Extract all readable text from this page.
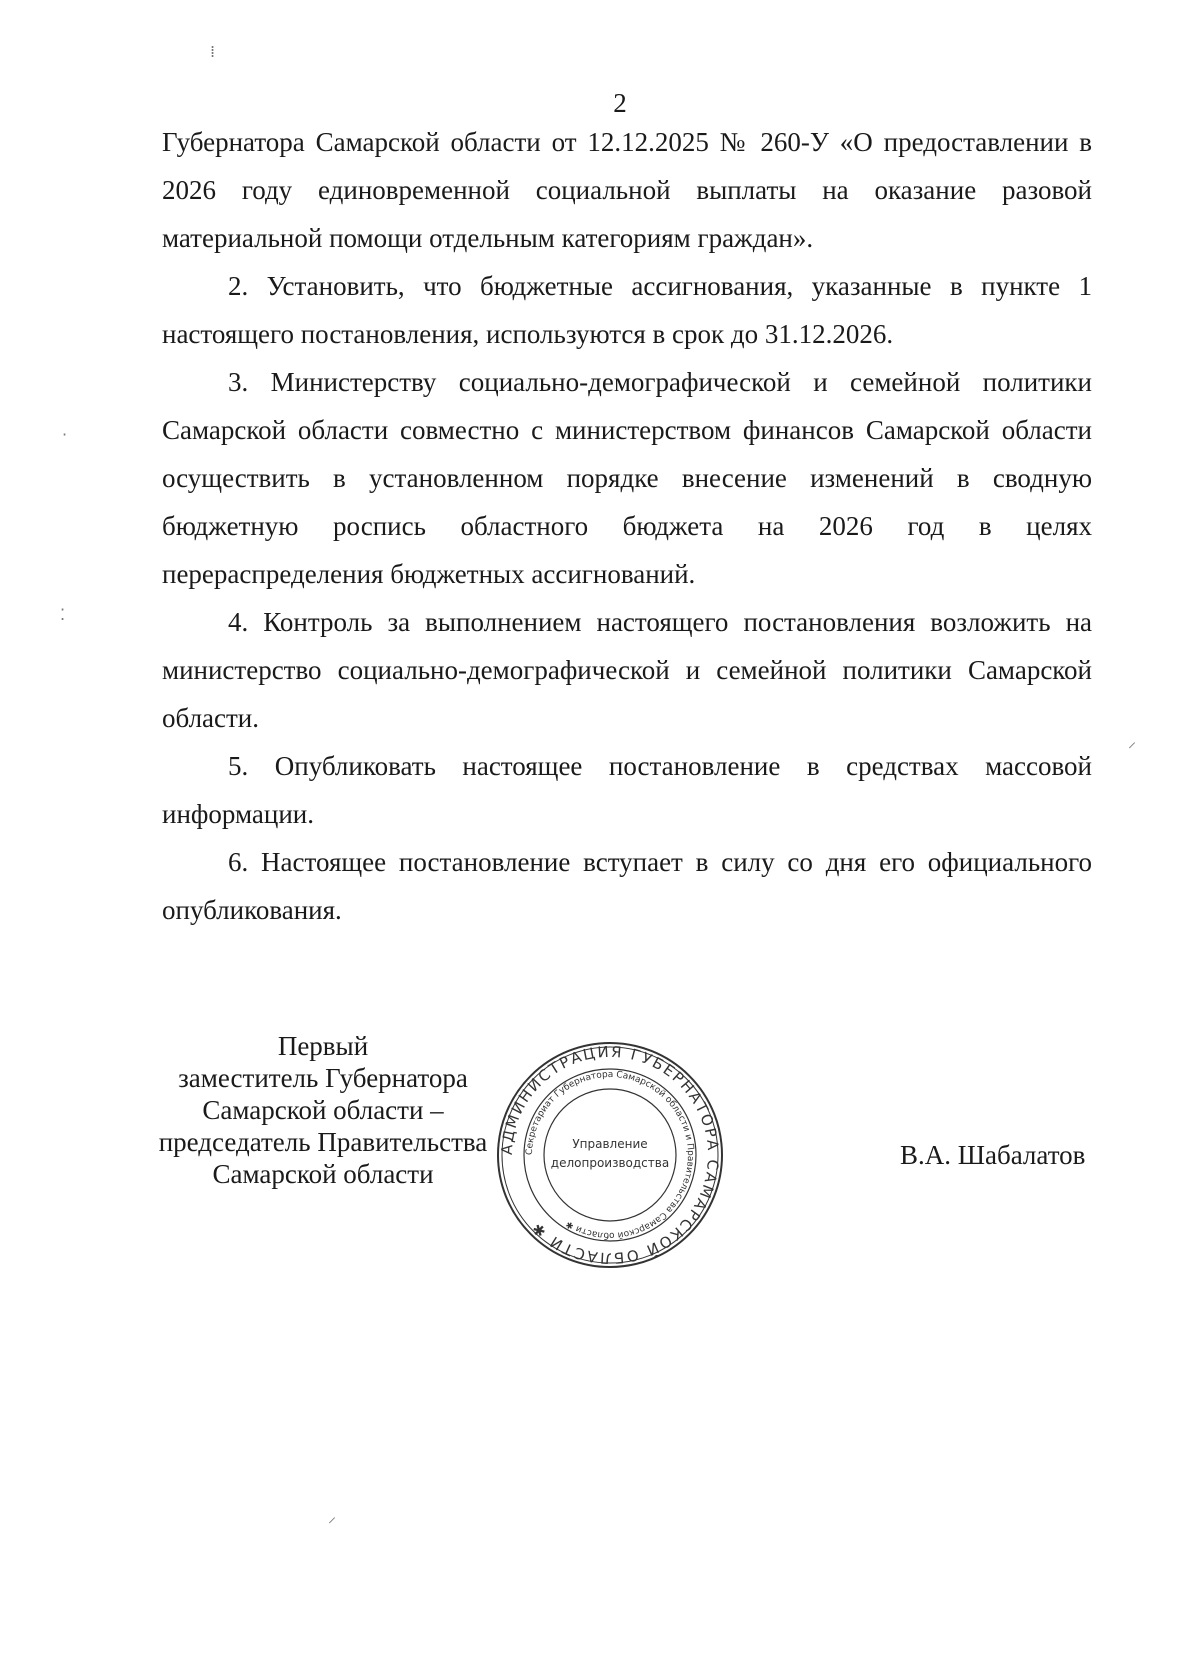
2

Губернатора Самарской области от 12.12.2025 № 260-У «О предоставлении в 2026 году единовременной социальной выплаты на оказание разовой материальной помощи отдельным категориям граждан».

2. Установить, что бюджетные ассигнования, указанные в пункте 1 настоящего постановления, используются в срок до 31.12.2026.

3. Министерству социально-демографической и семейной политики Самарской области совместно с министерством финансов Самарской области осуществить в установленном порядке внесение изменений в сводную бюджетную роспись областного бюджета на 2026 год в целях перераспределения бюджетных ассигнований.

4. Контроль за выполнением настоящего постановления возложить на министерство социально-демографической и семейной политики Самарской области.

5. Опубликовать настоящее постановление в средствах массовой информации.

6. Настоящее постановление вступает в силу со дня его официального опубликования.

Первый
заместитель Губернатора
Самарской области –
председатель Правительства
Самарской области
АДМИНИСТРАЦИЯ ГУБЕРНАТОРА САМАРСКОЙ ОБЛАСТИ ✱
Секретариат Губернатора Самарской области и Правительства Самарской области ✱
Управление
делопроизводства	В.А. Шабалатов
⁞
·
⁚
⸝
⸝
